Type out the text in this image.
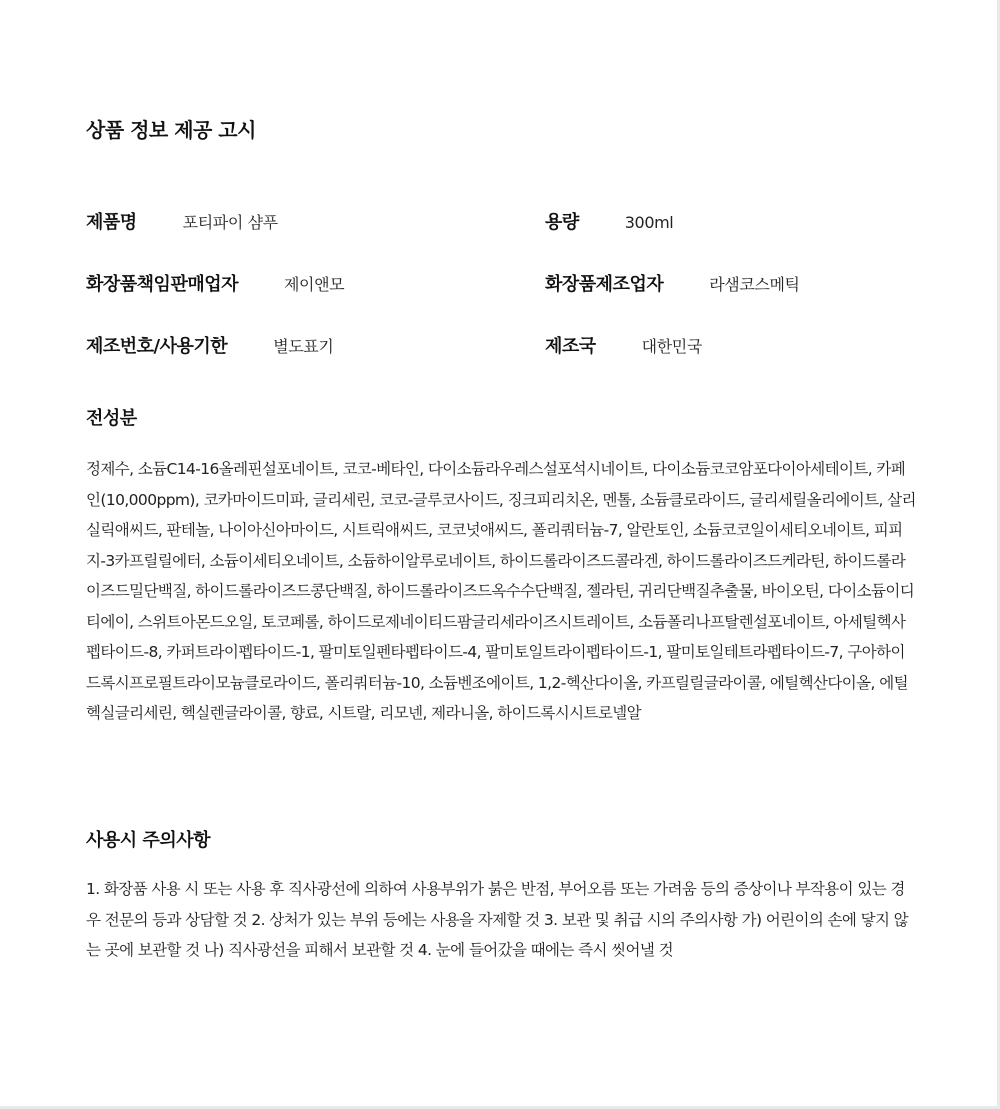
상품 정보 제공 고시
제품명	포티파이 샴푸	용량	300ml
화장품책임판매업자	제이앤모	화장품제조업자	라샘코스메틱
제조번호/사용기한	별도표기	제조국	대한민국
전성분

정제수, 소듐C14-16올레핀설포네이트, 코코-베타인, 다이소듐라우레스설포석시네이트, 다이소듐코코암포다이아세테이트, 카페인(10,000ppm), 코카마이드미파, 글리세린, 코코-글루코사이드, 징크피리치온, 멘톨, 소듐클로라이드, 글리세릴올리에이트, 살리실릭애씨드, 판테놀, 나이아신아마이드, 시트릭애씨드, 코코넛애씨드, 폴리쿼터늄-7, 알란토인, 소듐코코일이세티오네이트, 피피지-3카프릴릴에터, 소듐이세티오네이트, 소듐하이알루로네이트, 하이드롤라이즈드콜라겐, 하이드롤라이즈드케라틴, 하이드롤라이즈드밀단백질, 하이드롤라이즈드콩단백질, 하이드롤라이즈드옥수수단백질, 젤라틴, 귀리단백질추출물, 바이오틴, 다이소듐이디티에이, 스위트아몬드오일, 토코페롤, 하이드로제네이티드팜글리세라이즈시트레이트, 소듐폴리나프탈렌설포네이트, 아세틸헥사펩타이드-8, 카퍼트라이펩타이드-1, 팔미토일펜타펩타이드-4, 팔미토일트라이펩타이드-1, 팔미토일테트라펩타이드-7, 구아하이드록시프로필트라이모늄클로라이드, 폴리쿼터늄-10, 소듐벤조에이트, 1,2-헥산다이올, 카프릴릴글라이콜, 에틸헥산다이올, 에틸헥실글리세린, 헥실렌글라이콜, 향료, 시트랄, 리모넨, 제라니올, 하이드록시시트로넬알

사용시 주의사항

1. 화장품 사용 시 또는 사용 후 직사광선에 의하여 사용부위가 붉은 반점, 부어오름 또는 가려움 등의 증상이나 부작용이 있는 경우 전문의 등과 상담할 것 2. 상처가 있는 부위 등에는 사용을 자제할 것 3. 보관 및 취급 시의 주의사항 가) 어린이의 손에 닿지 않는 곳에 보관할 것 나) 직사광선을 피해서 보관할 것 4. 눈에 들어갔을 때에는 즉시 씻어낼 것
